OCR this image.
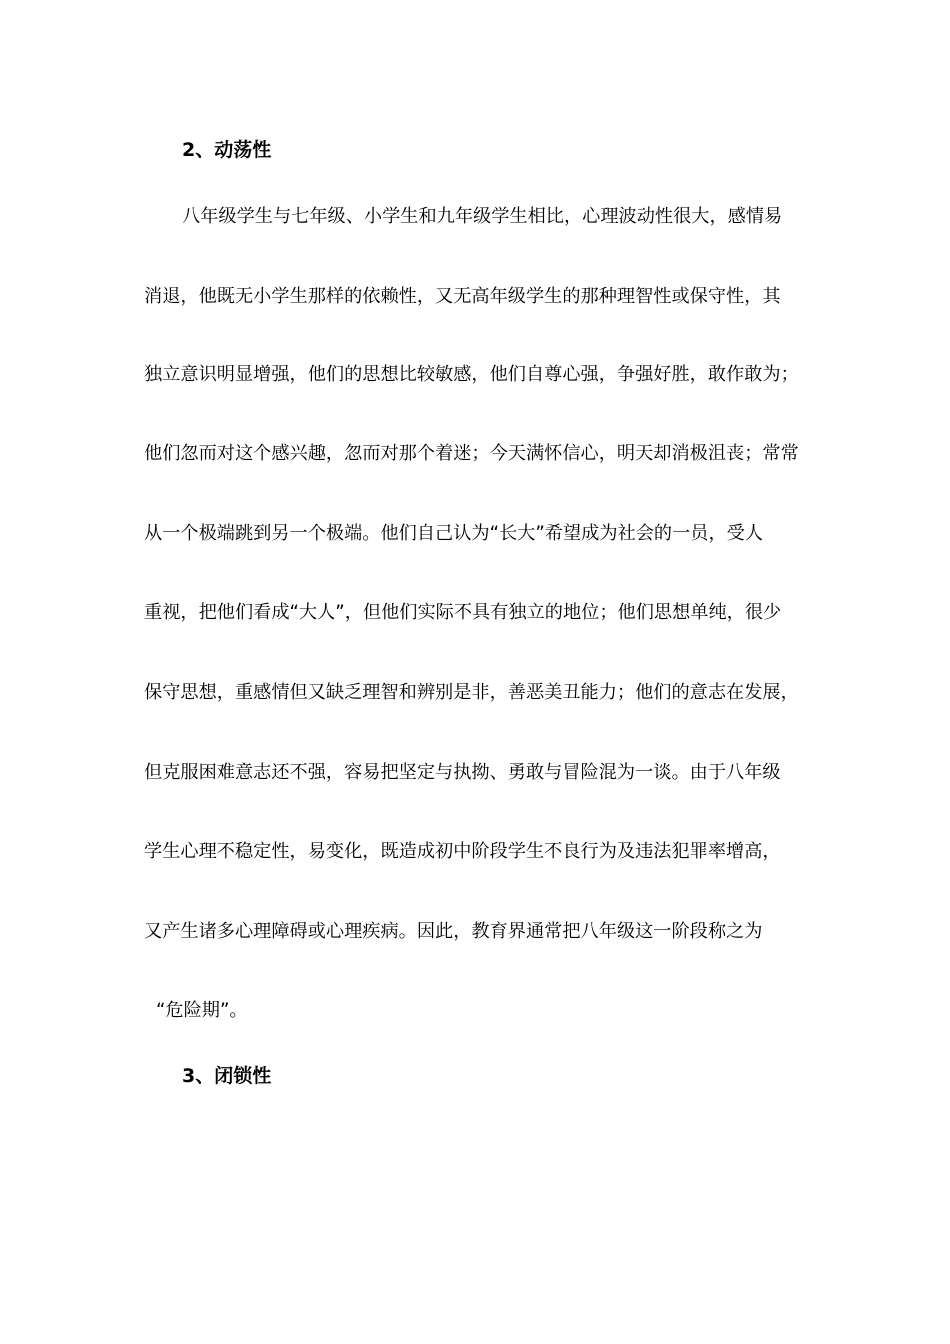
2、动荡性
八年级学生与七年级、小学生和九年级学生相比，心理波动性很大，感情易
消退，他既无小学生那样的依赖性，又无高年级学生的那种理智性或保守性，其
独立意识明显增强，他们的思想比较敏感，他们自尊心强，争强好胜，敢作敢为；
他们忽而对这个感兴趣，忽而对那个着迷；今天满怀信心，明天却消极沮丧；常常
从一个极端跳到另一个极端。他们自己认为“长大”希望成为社会的一员，受人
重视，把他们看成“大人”，但他们实际不具有独立的地位；他们思想单纯，很少
保守思想，重感情但又缺乏理智和辨别是非，善恶美丑能力；他们的意志在发展，
但克服困难意志还不强，容易把坚定与执拗、勇敢与冒险混为一谈。由于八年级
学生心理不稳定性，易变化，既造成初中阶段学生不良行为及违法犯罪率增高，
又产生诸多心理障碍或心理疾病。因此，教育界通常把八年级这一阶段称之为
“危险期”。
3、闭锁性
